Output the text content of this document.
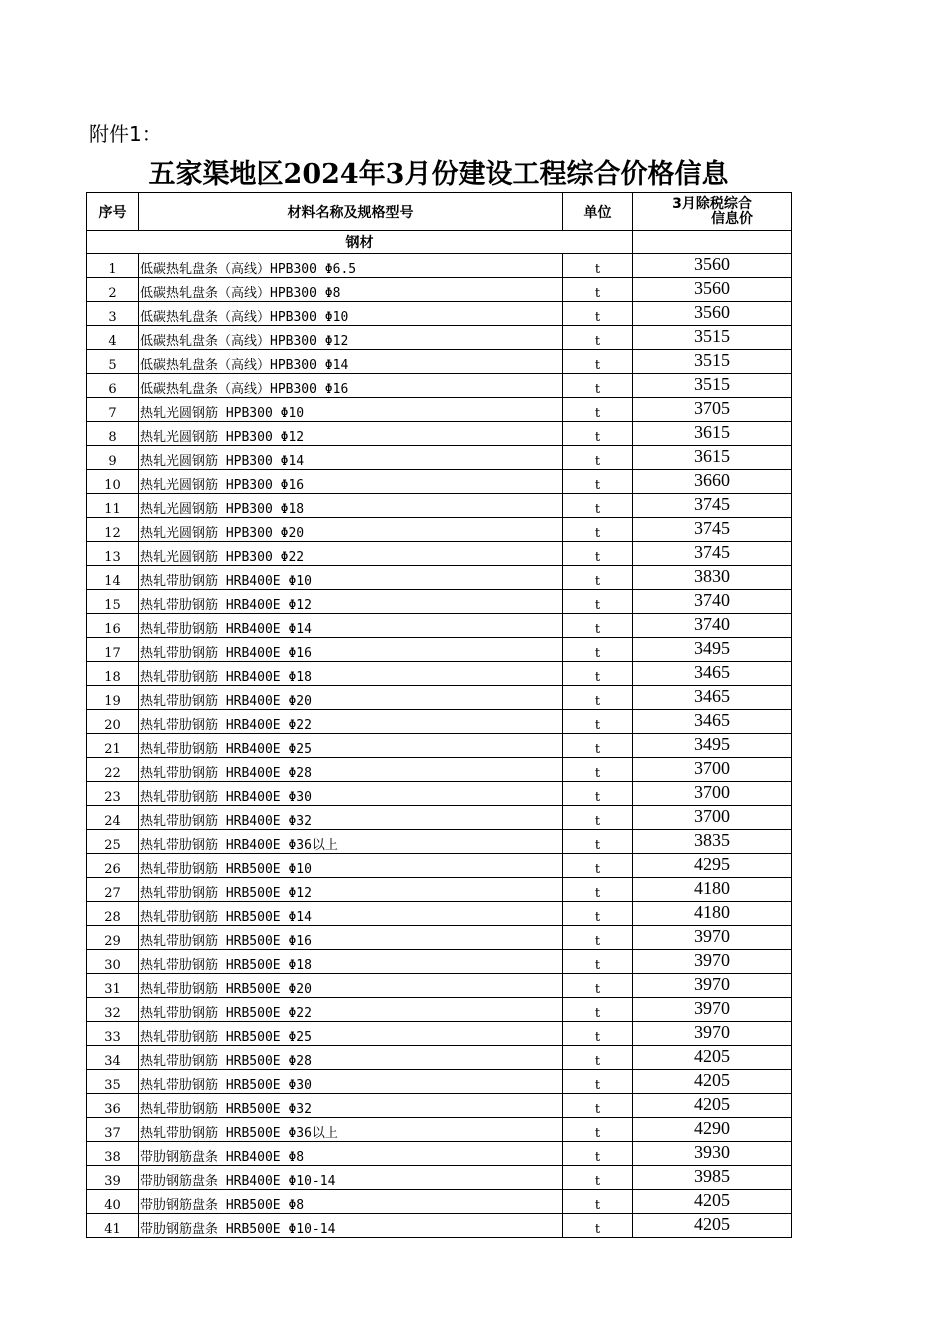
附件1：
五家渠地区2024年3月份建设工程综合价格信息
序号	材料名称及规格型号	单位	3月除税综合
信息价

钢材			
1	低碳热轧盘条（高线）HPB300 Φ6.5	t	3560
2	低碳热轧盘条（高线）HPB300 Φ8	t	3560
3	低碳热轧盘条（高线）HPB300 Φ10	t	3560
4	低碳热轧盘条（高线）HPB300 Φ12	t	3515
5	低碳热轧盘条（高线）HPB300 Φ14	t	3515
6	低碳热轧盘条（高线）HPB300 Φ16	t	3515
7	热轧光圆钢筋 HPB300 Φ10	t	3705
8	热轧光圆钢筋 HPB300 Φ12	t	3615
9	热轧光圆钢筋 HPB300 Φ14	t	3615
10	热轧光圆钢筋 HPB300 Φ16	t	3660
11	热轧光圆钢筋 HPB300 Φ18	t	3745
12	热轧光圆钢筋 HPB300 Φ20	t	3745
13	热轧光圆钢筋 HPB300 Φ22	t	3745
14	热轧带肋钢筋 HRB400E Φ10	t	3830
15	热轧带肋钢筋 HRB400E Φ12	t	3740
16	热轧带肋钢筋 HRB400E Φ14	t	3740
17	热轧带肋钢筋 HRB400E Φ16	t	3495
18	热轧带肋钢筋 HRB400E Φ18	t	3465
19	热轧带肋钢筋 HRB400E Φ20	t	3465
20	热轧带肋钢筋 HRB400E Φ22	t	3465
21	热轧带肋钢筋 HRB400E Φ25	t	3495
22	热轧带肋钢筋 HRB400E Φ28	t	3700
23	热轧带肋钢筋 HRB400E Φ30	t	3700
24	热轧带肋钢筋 HRB400E Φ32	t	3700
25	热轧带肋钢筋 HRB400E Φ36以上	t	3835
26	热轧带肋钢筋 HRB500E Φ10	t	4295
27	热轧带肋钢筋 HRB500E Φ12	t	4180
28	热轧带肋钢筋 HRB500E Φ14	t	4180
29	热轧带肋钢筋 HRB500E Φ16	t	3970
30	热轧带肋钢筋 HRB500E Φ18	t	3970
31	热轧带肋钢筋 HRB500E Φ20	t	3970
32	热轧带肋钢筋 HRB500E Φ22	t	3970
33	热轧带肋钢筋 HRB500E Φ25	t	3970
34	热轧带肋钢筋 HRB500E Φ28	t	4205
35	热轧带肋钢筋 HRB500E Φ30	t	4205
36	热轧带肋钢筋 HRB500E Φ32	t	4205
37	热轧带肋钢筋 HRB500E Φ36以上	t	4290
38	带肋钢筋盘条 HRB400E Φ8	t	3930
39	带肋钢筋盘条 HRB400E Φ10-14	t	3985
40	带肋钢筋盘条 HRB500E Φ8	t	4205
41	带肋钢筋盘条 HRB500E Φ10-14	t	4205
